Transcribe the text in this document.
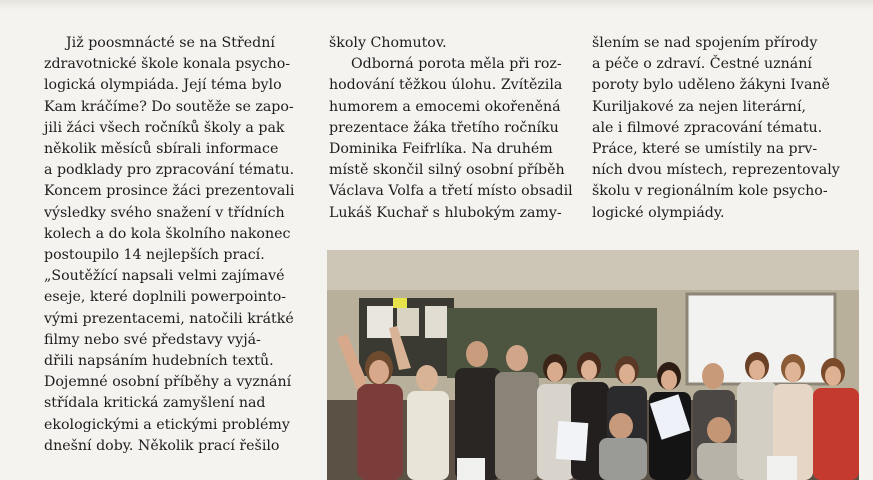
Již poosmnácté se na Střední
zdravotnické škole konala psycho-
logická olympiáda. Její téma bylo
Kam kráčíme? Do soutěže se zapo-
jili žáci všech ročníků školy a pak
několik měsíců sbírali informace
a podklady pro zpracování tématu.
Koncem prosince žáci prezentovali
výsledky svého snažení v třídních
kolech a do kola školního nakonec
postoupilo 14 nejlepších prací.
„Soutěžící napsali velmi zajímavé
eseje, které doplnili powerpointo-
vými prezentacemi, natočili krátké
filmy nebo své představy vyjá-
dřili napsáním hudebních textů.
Dojemné osobní příběhy a vyznání
střídala kritická zamyšlení nad
ekologickými a etickými problémy
dnešní doby. Několik prací řešilo
školy Chomutov.
Odborná porota měla při roz-
hodování těžkou úlohu. Zvítězila
humorem a emocemi okořeněná
prezentace žáka třetího ročníku
Dominika Feifrlíka. Na druhém
místě skončil silný osobní příběh
Václava Volfa a třetí místo obsadil
Lukáš Kuchař s hlubokým zamy-
šlením se nad spojením přírody
a péče o zdraví. Čestné uznání
poroty bylo uděleno žákyni Ivaně
Kuriljakové za nejen literární,
ale i filmové zpracování tématu.
Práce, které se umístily na prv-
ních dvou místech, reprezentovaly
školu v regionálním kole psycho-
logické olympiády.
